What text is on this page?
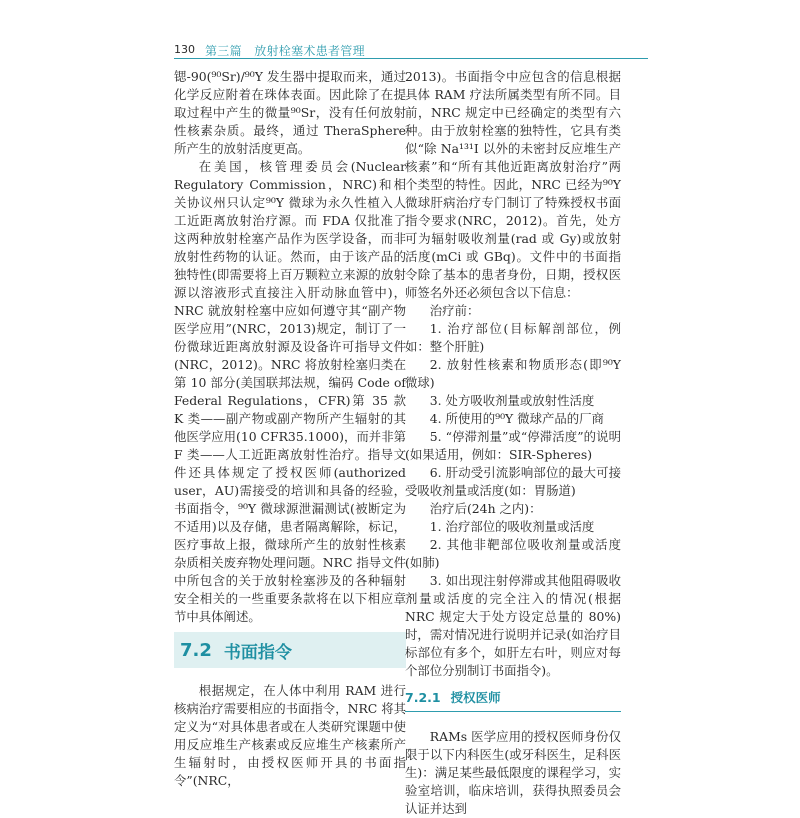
130 第三篇　放射栓塞术患者管理

锶-90(⁹⁰Sr)/⁹⁰Y 发生器中提取而来，通过化学反应附着在珠体表面。因此除了在提取过程中产生的微量⁹⁰Sr，没有任何放射性核素杂质。最终，通过 TheraSphere 所产生的放射活度更高。

在美国，核管理委员会(Nuclear Regulatory Commission，NRC)和相关协议州只认定⁹⁰Y 微球为永久性植入人工近距离放射治疗源。而 FDA 仅批准了这两种放射栓塞产品作为医学设备，而非放射性药物的认证。然而，由于该产品的独特性(即需要将上百万颗粒立来源的放射源以溶液形式直接注入肝动脉血管中)，NRC 就放射栓塞中应如何遵守其“副产物医学应用”(NRC，2013)规定，制订了一份微球近距离放射源及设备许可指导文件(NRC，2012)。NRC 将放射栓塞归类在第 10 部分(美国联邦法规，编码 Code of Federal Regulations，CFR)第 35 款 K 类——副产物或副产物所产生辐射的其他医学应用(10 CFR35.1000)，而并非第 F 类——人工近距离放射性治疗。指导文件还具体规定了授权医师(authorized user，AU)需接受的培训和具备的经验，书面指令，⁹⁰Y 微球源泄漏测试(被断定为不适用)以及存储，患者隔离解除，标记，医疗事故上报，微球所产生的放射性核素杂质相关废弃物处理问题。NRC 指导文件中所包含的关于放射栓塞涉及的各种辐射安全相关的一些重要条款将在以下相应章节中具体阐述。

7.2 书面指令

根据规定，在人体中利用 RAM 进行核病治疗需要相应的书面指令，NRC 将其定义为“对具体患者或在人类研究课题中使用反应堆生产核素或反应堆生产核素所产生辐射时，由授权医师开具的书面指令”(NRC，

2013)。书面指令中应包含的信息根据具体 RAM 疗法所属类型有所不同。目前，NRC 规定中已经确定的类型有六种。由于放射栓塞的独特性，它具有类似“除 Na¹³¹I 以外的未密封反应堆生产核素”和“所有其他近距离放射治疗”两个类型的特性。因此，NRC 已经为⁹⁰Y 微球肝病治疗专门制订了特殊授权书面指令要求(NRC，2012)。首先，处方可为辐射吸收剂量(rad 或 Gy)或放射活度(mCi 或 GBq)。文件中的书面指令除了基本的患者身份，日期，授权医师签名外还必须包含以下信息：

治疗前：

1. 治疗部位(目标解剖部位，例如：整个肝脏)

2. 放射性核素和物质形态(即⁹⁰Y 微球)

3. 处方吸收剂量或放射性活度

4. 所使用的⁹⁰Y 微球产品的厂商

5. “停滞剂量”或“停滞活度”的说明(如果适用，例如：SIR-Spheres)

6. 肝动受引流影响部位的最大可接受吸收剂量或活度(如：胃肠道)

治疗后(24h 之内)：

1. 治疗部位的吸收剂量或活度

2. 其他非靶部位吸收剂量或活度(如肺)

3. 如出现注射停滞或其他阻碍吸收剂量或活度的完全注入的情况(根据 NRC 规定大于处方设定总量的 80%)时，需对情况进行说明并记录(如治疗目标部位有多个，如肝左右叶，则应对每个部位分别制订书面指令)。

7.2.1 授权医师

RAMs 医学应用的授权医师身份仅限于以下内科医生(或牙科医生，足科医生)：满足某些最低限度的课程学习，实验室培训，临床培训，获得执照委员会认证并达到
